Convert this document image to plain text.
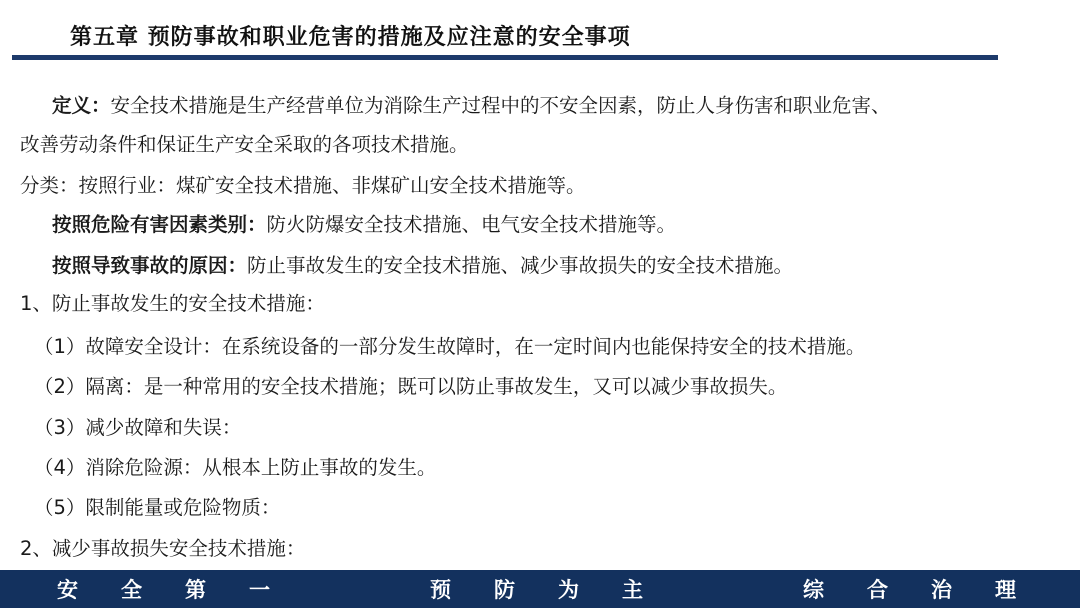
第五章 预防事故和职业危害的措施及应注意的安全事项
定义：安全技术措施是生产经营单位为消除生产过程中的不安全因素，防止人身伤害和职业危害、
改善劳动条件和保证生产安全采取的各项技术措施。
分类：按照行业：煤矿安全技术措施、非煤矿山安全技术措施等。
按照危险有害因素类别：防火防爆安全技术措施、电气安全技术措施等。
按照导致事故的原因：防止事故发生的安全技术措施、减少事故损失的安全技术措施。
1、防止事故发生的安全技术措施：
（1）故障安全设计：在系统设备的一部分发生故障时，在一定时间内也能保持安全的技术措施。
（2）隔离：是一种常用的安全技术措施；既可以防止事故发生，又可以减少事故损失。
（3）减少故障和失误：
（4）消除危险源：从根本上防止事故的发生。
（5）限制能量或危险物质：
2、减少事故损失安全技术措施：
安	全	第	一	预	防	为	主	综	合	治	理
